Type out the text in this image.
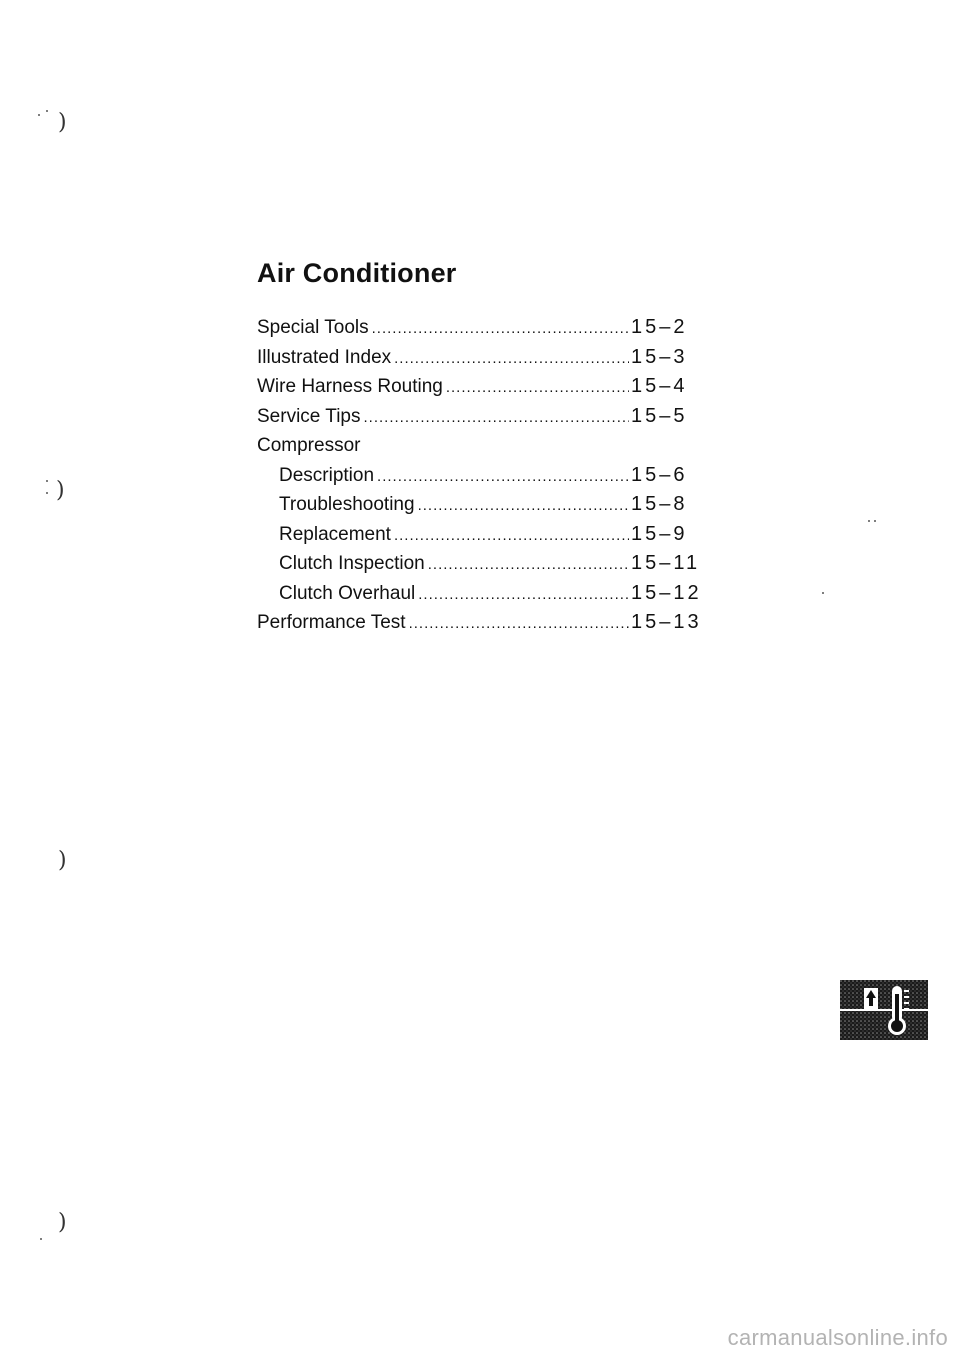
Air Conditioner
Special Tools .....	15–2
Illustrated Index .....	15–3
Wire Harness Routing .....	15–4
Service Tips .....	15–5
Compressor
Description .....	15–6
Troubleshooting .....	15–8
Replacement .....	15–9
Clutch Inspection .....	15–11
Clutch Overhaul .....	15–12
Performance Test .....	15–13
)
)
)
)
carmanualsonline.info
